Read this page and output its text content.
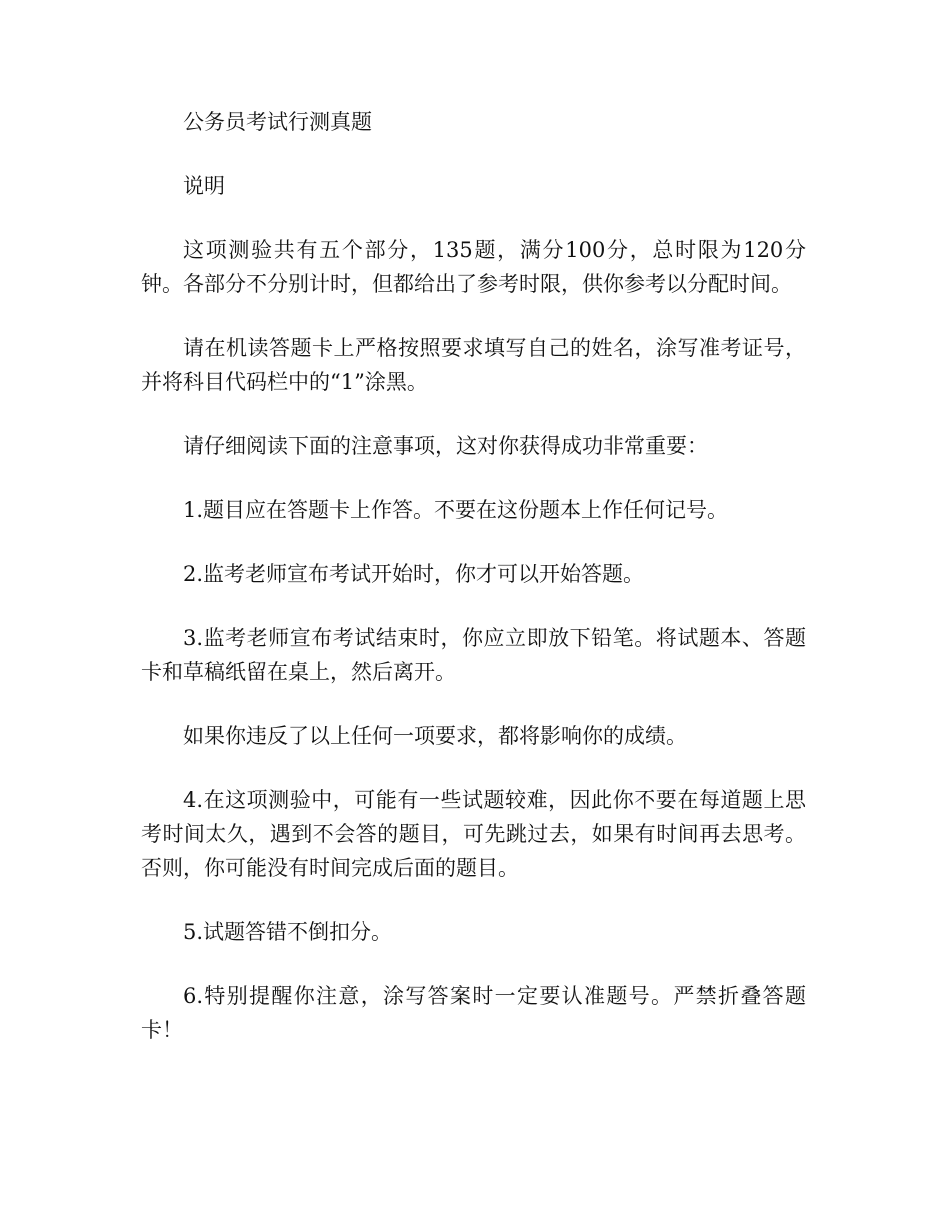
公务员考试行测真题

说明

这项测验共有五个部分，135题，满分100分，总时限为120分钟。各部分不分别计时，但都给出了参考时限，供你参考以分配时间。

请在机读答题卡上严格按照要求填写自己的姓名，涂写准考证号，并将科目代码栏中的“1”涂黑。

请仔细阅读下面的注意事项，这对你获得成功非常重要：

1.题目应在答题卡上作答。不要在这份题本上作任何记号。

2.监考老师宣布考试开始时，你才可以开始答题。

3.监考老师宣布考试结束时，你应立即放下铅笔。将试题本、答题卡和草稿纸留在桌上，然后离开。

如果你违反了以上任何一项要求，都将影响你的成绩。

4.在这项测验中，可能有一些试题较难，因此你不要在每道题上思考时间太久，遇到不会答的题目，可先跳过去，如果有时间再去思考。否则，你可能没有时间完成后面的题目。

5.试题答错不倒扣分。

6.特别提醒你注意，涂写答案时一定要认准题号。严禁折叠答题卡！
